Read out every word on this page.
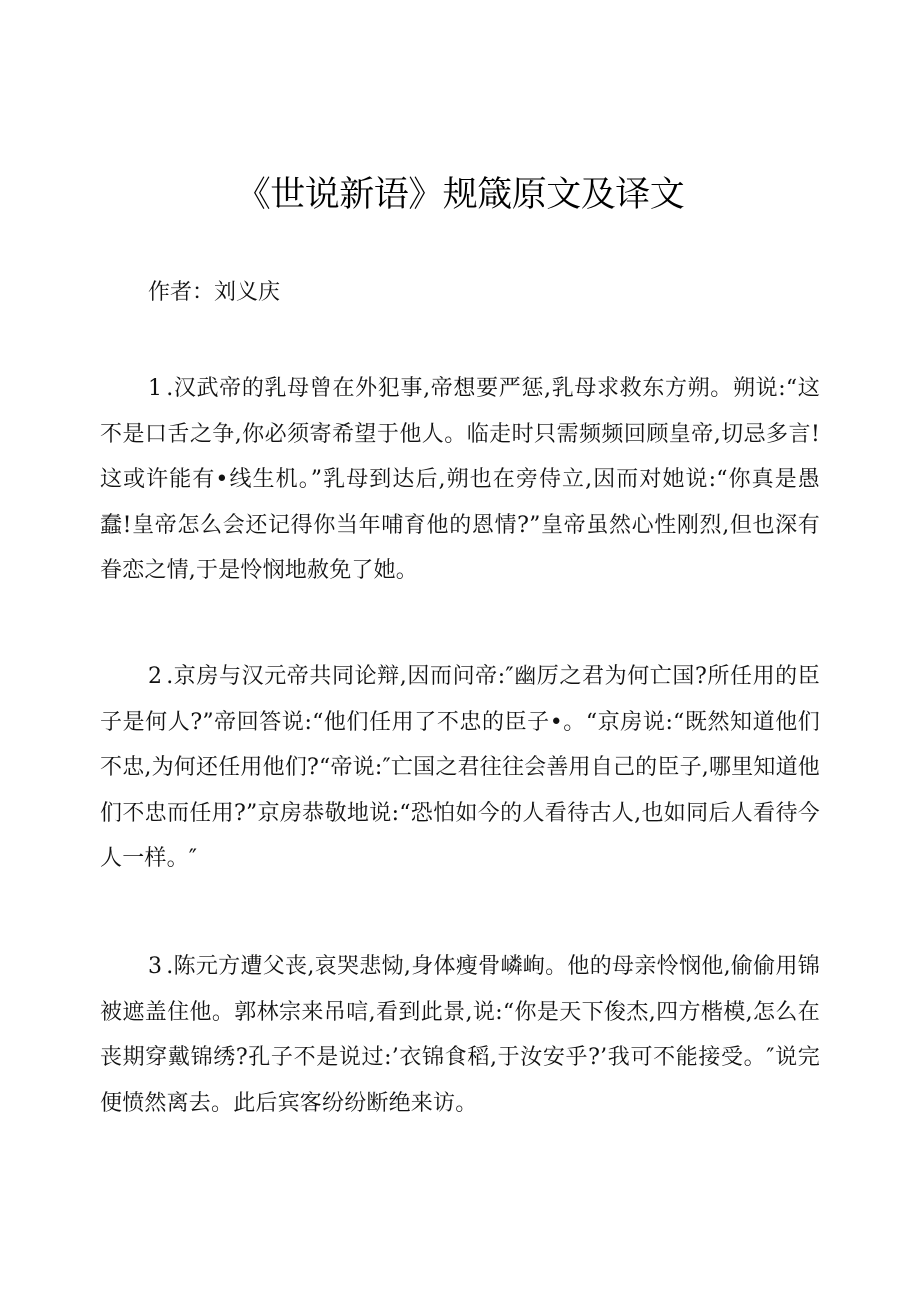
《世说新语》规箴原文及译文

作者：刘义庆

1 .汉武帝的乳母曾在外犯事,帝想要严惩,乳母求救东方朔。朔说:“这不是口舌之争,你必须寄希望于他人。临走时只需频频回顾皇帝,切忌多言!这或许能有•线生机。”乳母到达后,朔也在旁侍立,因而对她说:“你真是愚蠢!皇帝怎么会还记得你当年哺育他的恩情?”皇帝虽然心性刚烈,但也深有眷恋之情,于是怜悯地赦免了她。

2 .京房与汉元帝共同论辩,因而问帝:″幽厉之君为何亡国?所任用的臣子是何人?”帝回答说:“他们任用了不忠的臣子•。“京房说:“既然知道他们不忠,为何还任用他们?“帝说:″亡国之君往往会善用自己的臣子,哪里知道他们不忠而任用?”京房恭敬地说:“恐怕如今的人看待古人,也如同后人看待今人一样。″

3 .陈元方遭父丧,哀哭悲恸,身体瘦骨嶙峋。他的母亲怜悯他,偷偷用锦被遮盖住他。郭林宗来吊唁,看到此景,说:“你是天下俊杰,四方楷模,怎么在丧期穿戴锦绣?孔子不是说过:’衣锦食稻,于汝安乎?’我可不能接受。″说完便愤然离去。此后宾客纷纷断绝来访。
